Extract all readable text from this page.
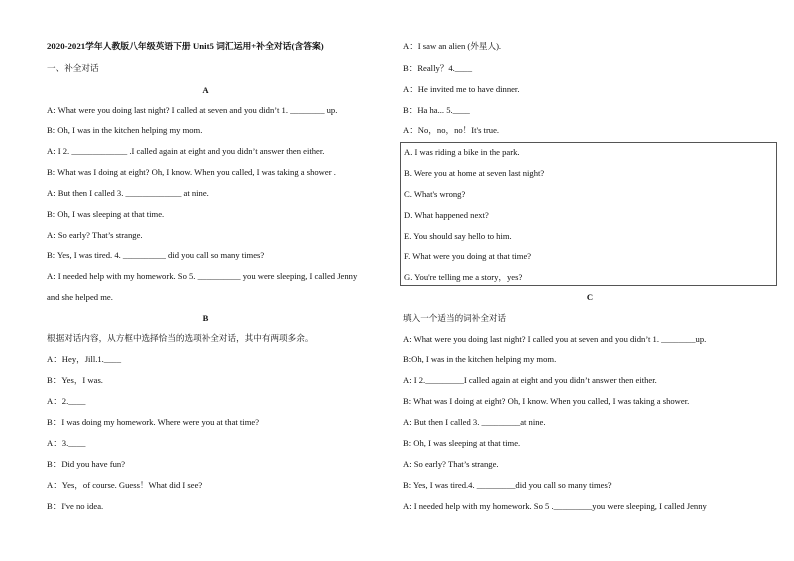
2020-2021学年人教版八年级英语下册 Unit5 词汇运用+补全对话(含答案)
一、补全对话
A
A: What were you doing last night? I called at seven and you didn’t 1. ________ up.
B: Oh, I was in the kitchen helping my mom.
A: I 2. _____________ .I called again at eight and you didn’t answer then either.
B: What was I doing at eight? Oh, I know. When you called, I was taking a shower .
A: But then I called 3. _____________ at nine.
B: Oh, I was sleeping at that time.
A: So early? That’s strange.
B: Yes, I was tired. 4. __________ did you call so many times?
A: I needed help with my homework. So 5. __________ you were sleeping, I called Jenny
and she helped me.
B
根据对话内容，从方框中选择恰当的选项补全对话，其中有两项多余。
A：Hey，Jill.1.____
B：Yes，I was.
A：2.____
B：I was doing my homework. Where were you at that time?
A：3.____
B：Did you have fun?
A：Yes，of course. Guess！What did I see?
B：I've no idea.
A：I saw an alien (外星人).
B：Really？4.____
A：He invited me to have dinner.
B：Ha ha... 5.____
A：No，no，no！It's true.
C
填入一个适当的词补全对话
A: What were you doing last night? I called you at seven and you didn’t 1. ________up.
B:Oh, I was in the kitchen helping my mom.
A: I 2._________I called again at eight and you didn’t answer then either.
B: What was I doing at eight? Oh, I know. When you called, I was taking a shower.
A: But then I called 3. _________at nine.
B: Oh, I was sleeping at that time.
A: So early? That’s strange.
B: Yes, I was tired.4. _________did you call so many times?
A: I needed help with my homework. So 5 ._________you were sleeping, I called Jenny
A. I was riding a bike in the park.
B. Were you at home at seven last night?
C. What's wrong?
D. What happened next?
E. You should say hello to him.
F. What were you doing at that time?
G. You're telling me a story，yes?
